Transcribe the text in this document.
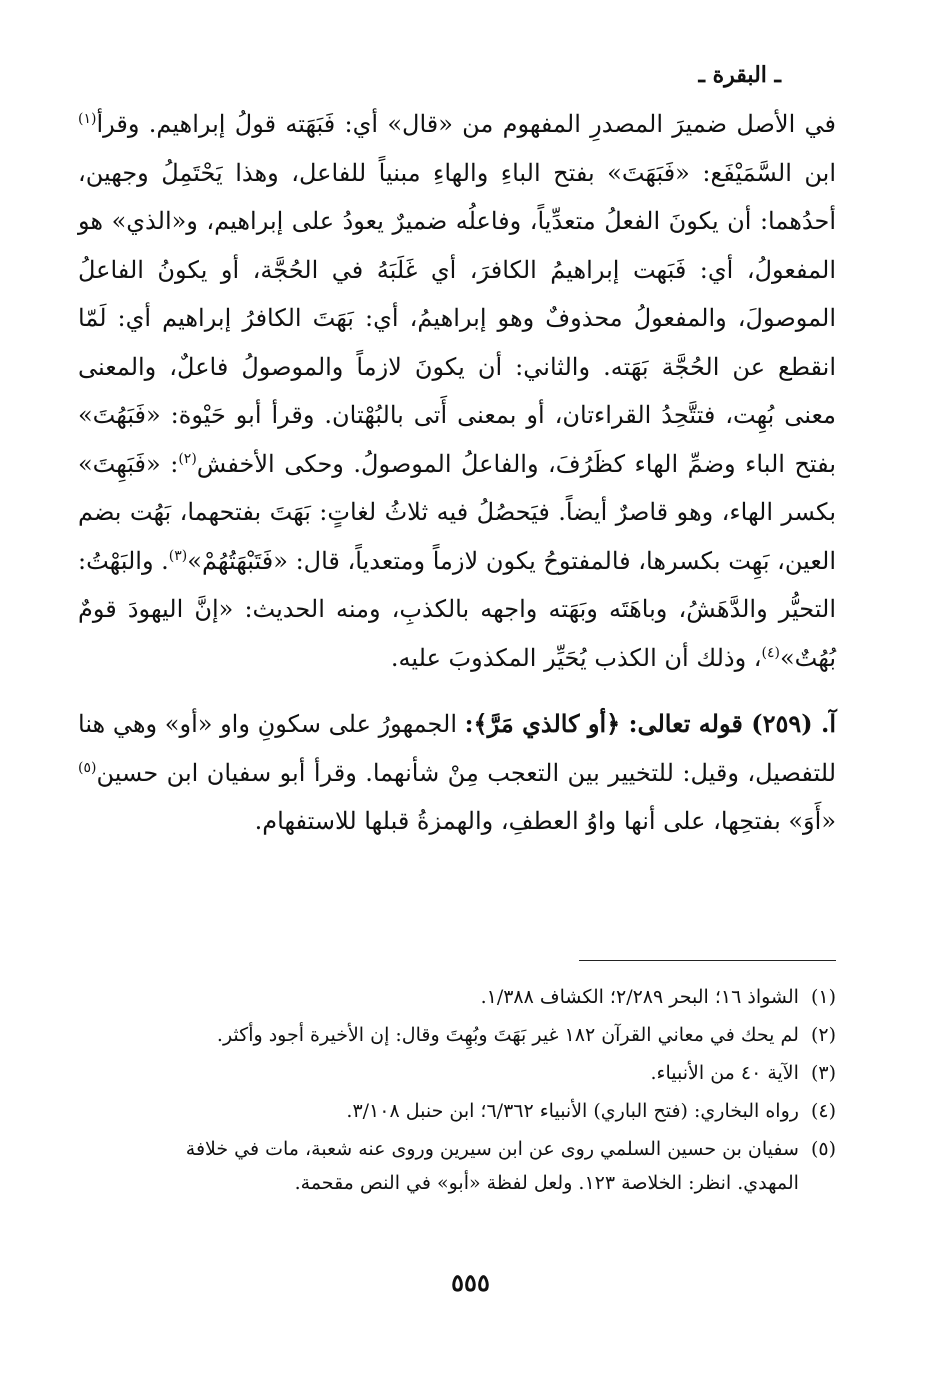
ـ البقرة ـ

في الأصل ضميرَ المصدرِ المفهوم من «قال» أي: فَبَهَته قولُ إبراهيم. وقرأ$^{(١)}$ ابن السَّمَيْفَع: «فَبَهَتَ» بفتح الباءِ والهاءِ مبنياً للفاعل، وهذا يَحْتَمِلُ وجهين، أحدُهما: أن يكونَ الفعلُ متعدِّياً، وفاعلُه ضميرٌ يعودُ على إبراهيم، و«الذي» هو المفعولُ، أي: فَبَهت إبراهيمُ الكافرَ، أي غَلَبَهُ في الحُجَّة، أو يكونُ الفاعلُ الموصولَ، والمفعولُ محذوفٌ وهو إبراهيمُ، أي: بَهَتَ الكافرُ إبراهيم أي: لَمّا انقطع عن الحُجَّة بَهَته. والثاني: أن يكونَ لازماً والموصولُ فاعلٌ، والمعنى معنى بُهِت، فتتَّحِدُ القراءتان، أو بمعنى أَتى بالبُهْتان. وقرأ أبو حَيْوة: «فَبَهُتَ» بفتح الباء وضمِّ الهاء كظَرُفَ، والفاعلُ الموصولُ. وحكى الأخفش$^{(٢)}$: «فَبَهِتَ» بكسر الهاء، وهو قاصرٌ أيضاً. فيَحصُلُ فيه ثلاثُ لغاتٍ: بَهَتَ بفتحهما، بَهُت بضم العين، بَهِت بكسرها، فالمفتوحُ يكون لازماً ومتعدياً، قال: «فَتَبْهَتُهُمْ»$^{(٣)}$. والبَهْتُ: التحيُّر والدَّهَشُ، وباهَتَه وبَهَته واجهه بالكذبِ، ومنه الحديث: «إنَّ اليهودَ قومٌ بُهُتٌ»$^{(٤)}$، وذلك أن الكذب يُحَيِّر المكذوبَ عليه.

آ. (٢٥٩) قوله تعالى: ﴿أو كالذي مَرَّ﴾: الجمهورُ على سكونِ واو «أو» وهي هنا للتفصيل، وقيل: للتخيير بين التعجب مِنْ شأنهما. وقرأ أبو سفيان ابن حسين$^{(٥)}$ «أَوَ» بفتحِها، على أنها واوُ العطفِ، والهمزةُ قبلها للاستفهام.

(١)
الشواذ ١٦؛ البحر ٢/٢٨٩؛ الكشاف ١/٣٨٨.
(٢)
لم يحك في معاني القرآن ١٨٢ غير بَهَتَ وبُهِتَ وقال: إن الأخيرة أجود وأكثر.
(٣)
الآية ٤٠ من الأنبياء.
(٤)
رواه البخاري: (فتح الباري) الأنبياء ٦/٣٦٢؛ ابن حنبل ٣/١٠٨.
(٥)
سفيان بن حسين السلمي روى عن ابن سيرين وروى عنه شعبة، مات في خلافة المهدي. انظر: الخلاصة ١٢٣. ولعل لفظة «أبو» في النص مقحمة.
٥٥٥
